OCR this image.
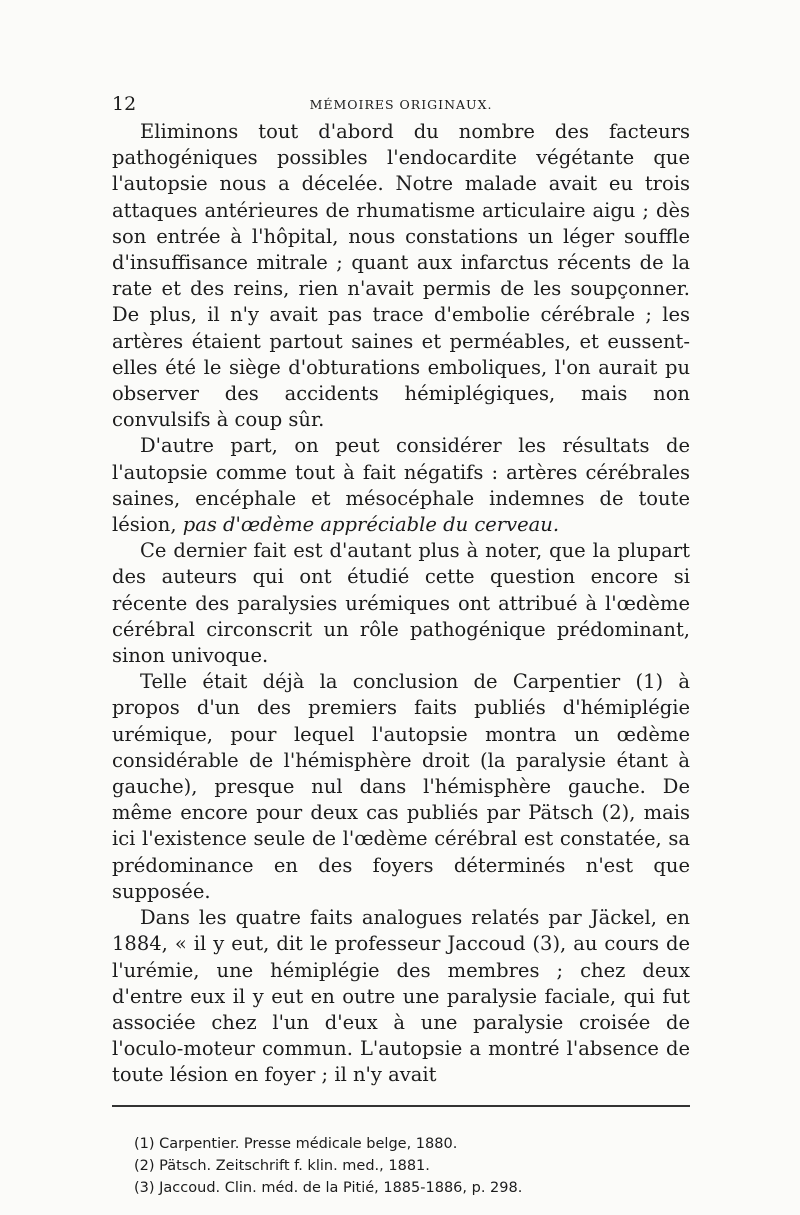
12	MÉMOIRES ORIGINAUX.

Eliminons tout d'abord du nombre des facteurs pathogéniques possibles l'endocardite végétante que l'autopsie nous a décelée. Notre malade avait eu trois attaques antérieures de rhumatisme articulaire aigu ; dès son entrée à l'hôpital, nous constations un léger souffle d'insuffisance mitrale ; quant aux infarctus récents de la rate et des reins, rien n'avait permis de les soupçonner. De plus, il n'y avait pas trace d'embolie cérébrale ; les artères étaient partout saines et perméables, et eussent-elles été le siège d'obturations emboliques, l'on aurait pu observer des accidents hémiplégiques, mais non convulsifs à coup sûr.

D'autre part, on peut considérer les résultats de l'autopsie comme tout à fait négatifs : artères cérébrales saines, encéphale et mésocéphale indemnes de toute lésion, pas d'œdème appréciable du cerveau.

Ce dernier fait est d'autant plus à noter, que la plupart des auteurs qui ont étudié cette question encore si récente des paralysies urémiques ont attribué à l'œdème cérébral circonscrit un rôle pathogénique prédominant, sinon univoque.

Telle était déjà la conclusion de Carpentier (1) à propos d'un des premiers faits publiés d'hémiplégie urémique, pour lequel l'autopsie montra un œdème considérable de l'hémisphère droit (la paralysie étant à gauche), presque nul dans l'hémisphère gauche. De même encore pour deux cas publiés par Pätsch (2), mais ici l'existence seule de l'œdème cérébral est constatée, sa prédominance en des foyers déterminés n'est que supposée.

Dans les quatre faits analogues relatés par Jäckel, en 1884, « il y eut, dit le professeur Jaccoud (3), au cours de l'urémie, une hémiplégie des membres ; chez deux d'entre eux il y eut en outre une paralysie faciale, qui fut associée chez l'un d'eux à une paralysie croisée de l'oculo-moteur commun. L'autopsie a montré l'absence de toute lésion en foyer ; il n'y avait

(1) Carpentier. Presse médicale belge, 1880.
(2) Pätsch. Zeitschrift f. klin. med., 1881.
(3) Jaccoud. Clin. méd. de la Pitié, 1885-1886, p. 298.
